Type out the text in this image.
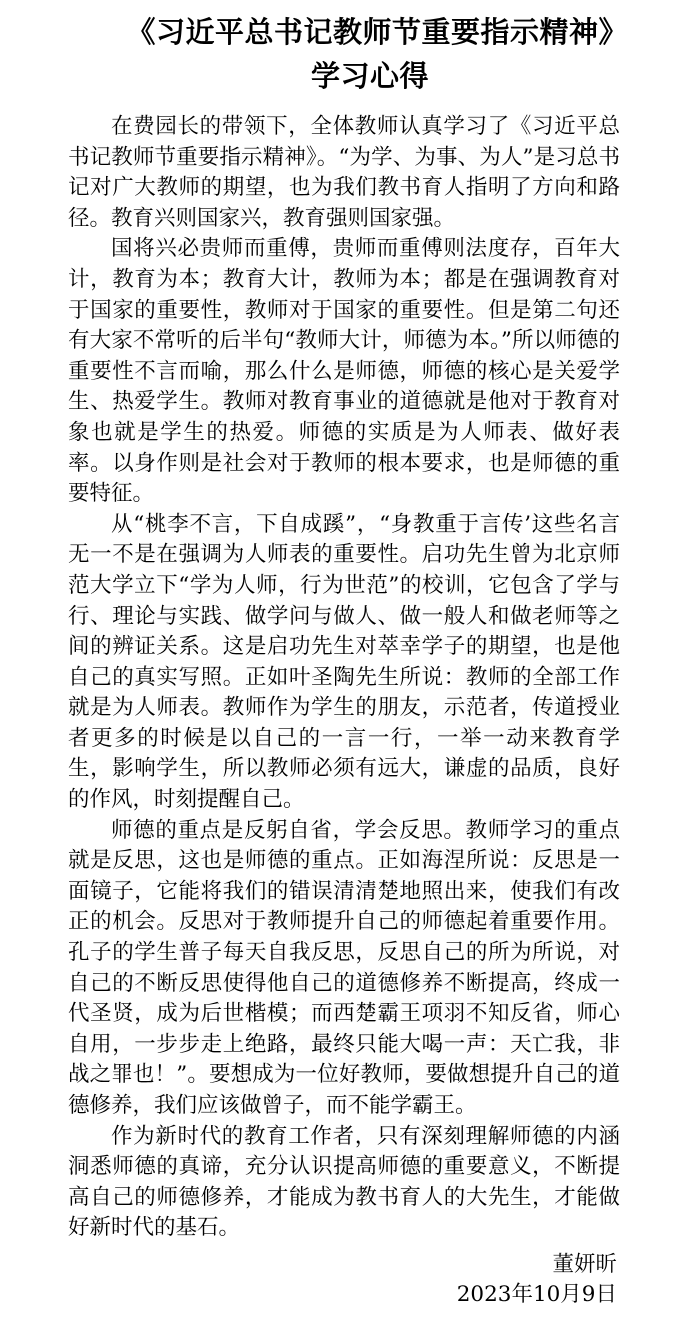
《习近平总书记教师节重要指示精神》学习心得

在费园长的带领下，全体教师认真学习了《习近平总书记教师节重要指示精神》。“为学、为事、为人”是习总书记对广大教师的期望，也为我们教书育人指明了方向和路径。教育兴则国家兴，教育强则国家强。

国将兴必贵师而重傅，贵师而重傅则法度存，百年大计，教育为本；教育大计，教师为本；都是在强调教育对于国家的重要性，教师对于国家的重要性。但是第二句还有大家不常听的后半句“教师大计，师德为本。”所以师德的重要性不言而喻，那么什么是师德，师德的核心是关爱学生、热爱学生。教师对教育事业的道德就是他对于教育对象也就是学生的热爱。师德的实质是为人师表、做好表率。以身作则是社会对于教师的根本要求，也是师德的重要特征。

从“桃李不言，下自成蹊”，“身教重于言传’这些名言无一不是在强调为人师表的重要性。启功先生曾为北京师范大学立下“学为人师，行为世范”的校训，它包含了学与行、理论与实践、做学问与做人、做一般人和做老师等之间的辨证关系。这是启功先生对萃幸学子的期望，也是他自己的真实写照。正如叶圣陶先生所说：教师的全部工作就是为人师表。教师作为学生的朋友，示范者，传道授业者更多的时候是以自己的一言一行，一举一动来教育学生，影响学生，所以教师必须有远大，谦虚的品质，良好的作风，时刻提醒自己。

师德的重点是反躬自省，学会反思。教师学习的重点就是反思，这也是师德的重点。正如海涅所说：反思是一面镜子，它能将我们的错误清清楚地照出来，使我们有改正的机会。反思对于教师提升自己的师德起着重要作用。孔子的学生普子每天自我反思，反思自己的所为所说，对自己的不断反思使得他自己的道德修养不断提高，终成一代圣贤，成为后世楷模；而西楚霸王项羽不知反省，师心自用，一步步走上绝路，最终只能大喝一声：天亡我，非战之罪也！”。要想成为一位好教师，要做想提升自己的道德修养，我们应该做曾子，而不能学霸王。

作为新时代的教育工作者，只有深刻理解师德的内涵洞悉师德的真谛，充分认识提高师德的重要意义，不断提高自己的师德修养，才能成为教书育人的大先生，才能做好新时代的基石。

董妍昕
2023年10月9日
